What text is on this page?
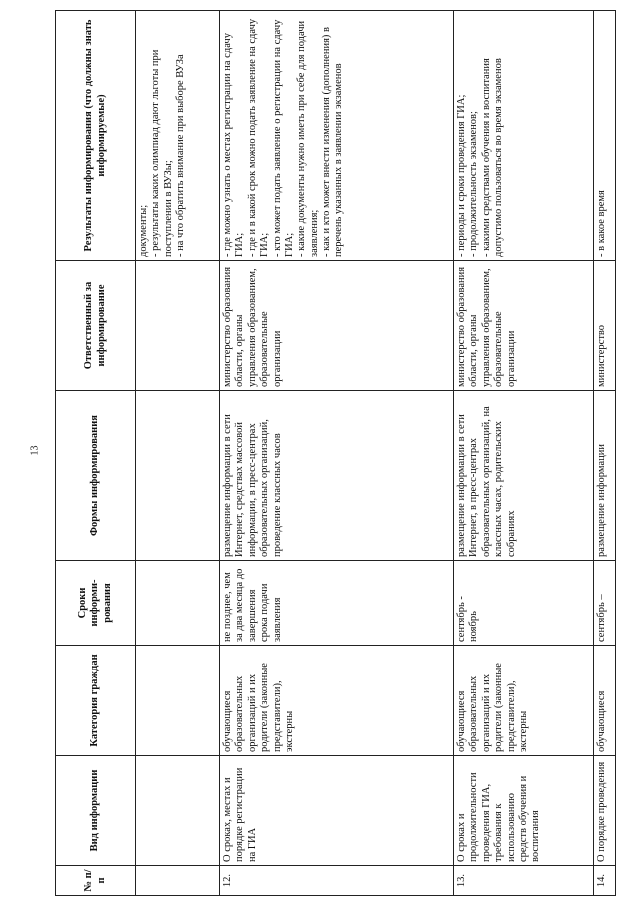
13
№ п/п	Вид информации	Категория граждан	Сроки информи-рования	Формы информирования	Ответственный за информирование	Результаты информирования (что должны знать информируемые)
						документы;
- результаты каких олимпиад дают льготы при поступлении в ВУЗы;
- на что обратить внимание при выборе ВУЗа
12.	О сроках, местах и порядке регистрации на ГИА	обучающиеся образовательных организаций и их родители (законные представители), экстерны	не позднее, чем за два месяца до завершения срока подачи заявления	размещение информации в сети Интернет, средствах массовой информации, в пресс-центрах образовательных организаций, проведение классных часов	министерство образования области, органы управления образованием, образовательные организации	- где можно узнать о местах регистрации на сдачу ГИА;
- где и в какой срок можно подать заявление на сдачу ГИА;
- кто может подать заявление о регистрации на сдачу ГИА;
- какие документы нужно иметь при себе для подачи заявления;
- как и кто может внести изменения (дополнения) в перечень указанных в заявлении экзаменов
13.	О сроках и продолжительности проведения ГИА, требования к использованию средств обучения и воспитания	обучающиеся образовательных организаций и их родители (законные представители), экстерны	сентябрь - ноябрь	размещение информации в сети Интернет, в пресс-центрах образовательных организаций, на классных часах, родительских собраниях	министерство образования области, органы управления образованием, образовательные организации	- периоды и сроки проведения ГИА;
- продолжительность экзаменов;
- какими средствами обучения и воспитания допустимо пользоваться во время экзаменов
14.	О порядке проведения	обучающиеся	сентябрь –	размещение информации	министерство	- в какое время
